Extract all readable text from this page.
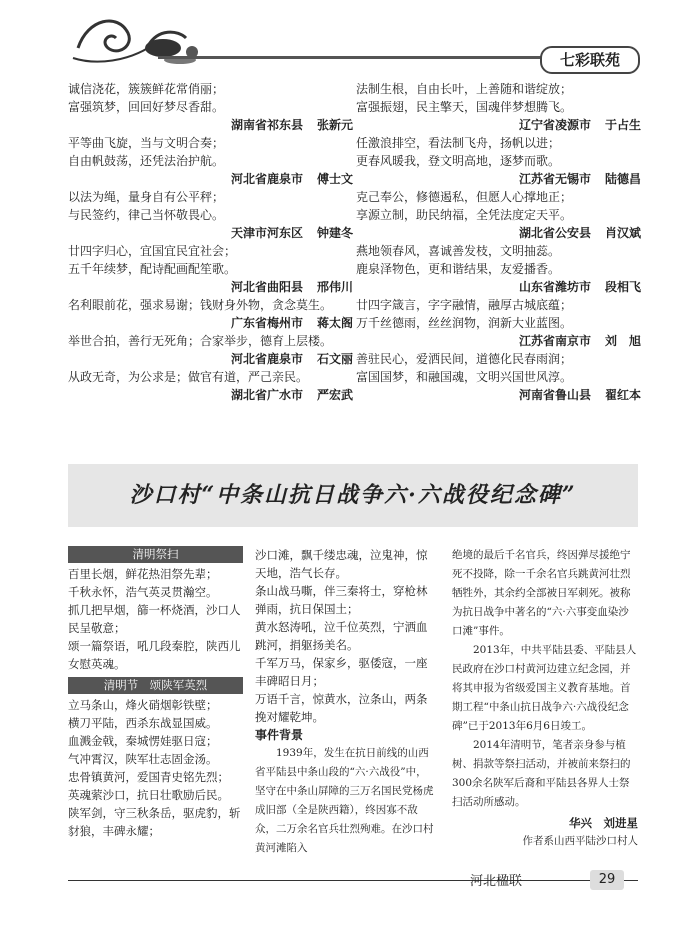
七彩联苑

诚信浇花，簇簇鲜花常俏丽；

富强筑梦，回回好梦尽香甜。

湖南省祁东县 张新元

平等曲飞旋，当与文明合奏；

自由帆鼓荡，还凭法治护航。

河北省鹿泉市 傅士文

以法为绳，量身自有公平秤；

与民签约，律己当怀敬畏心。

天津市河东区 钟建冬

廿四字归心，宜国宜民宜社会；

五千年续梦，配诗配画配笙歌。

河北省曲阳县 邢伟川

名利眼前花，强求易谢；钱财身外物，贪念莫生。

广东省梅州市 蒋太阁

举世合拍，善行无死角；合家举步，德育上层楼。

河北省鹿泉市 石文丽

从政无奇，为公求是；做官有道，严己亲民。

湖北省广水市 严宏武

法制生根，自由长叶，上善随和谐绽放；

富强振翅，民主擎天，国魂伴梦想腾飞。

辽宁省凌源市 于占生

任激浪排空，看法制飞舟，扬帆以进；

更春风暖我，登文明高地，逐梦而歌。

江苏省无锡市 陆德昌

克己奉公，修德遏私，但愿人心撑地正；

享源立制，助民纳福，全凭法度定天平。

湖北省公安县 肖汉斌

燕地领春风，喜诚善发枝，文明抽蕊。

鹿泉泽物色，更和谐结果，友爱播香。

山东省潍坊市 段相飞

廿四字箴言，字字融情，融厚古城底蕴；

万千丝德雨，丝丝润物，润新大业蓝图。

江苏省南京市 刘　旭

善驻民心，爱洒民间，道德化民春雨润；

富国国梦，和融国魂，文明兴国世风淳。

河南省鲁山县 翟红本

沙口村“中条山抗日战争六·六战役纪念碑”
清明祭扫

百里长烟，鲜花热泪祭先辈；

千秋永怀，浩气英灵贯瀚空。

抓几把早烟，篩一杯烧酒，沙口人民呈敬意；

颂一篇祭语，吼几段秦腔，陕西儿女慰英魂。

清明节　颂陕军英烈

立马条山，烽火硝烟彰铁壁；

横刀平陆，西杀东战显国威。

血溅金戟，秦城愣娃驱日寇；

气冲霄汉，陕军壮志固金汤。

忠骨镇黄河，爱国青史铭先烈；

英魂萦沙口，抗日壮歌励后民。

陕军剑，守三秋条岳，驱虎豹，斩豺狼，丰碑永耀；

沙口滩，飘千缕忠魂，泣鬼神，惊天地，浩气长存。

条山战马嘶，伴三秦将士，穿枪林弹雨，抗日保国土；

黄水怒涛吼，泣千位英烈，宁洒血跳河，捐躯扬美名。

千军万马，保家乡，驱倭寇，一座丰碑昭日月；

万语千言，惊黄水，泣条山，两条挽对耀乾坤。

事件背景

1939年，发生在抗日前线的山西省平陆县中条山段的“六·六战役”中，坚守在中条山屏障的三万名国民党杨虎成旧部（全是陕西籍），终因寡不敌众，二万余名官兵壮烈殉难。在沙口村黄河滩陷入

绝境的最后千名官兵，终因弹尽援绝宁死不投降，除一千余名官兵跳黄河壮烈牺牲外，其余约全部被日军刺死。被称为抗日战争中著名的“六·六事变血染沙口滩”事件。

2013年，中共平陆县委、平陆县人民政府在沙口村黄河边建立纪念园，并将其申报为省级爱国主义教育基地。首期工程“中条山抗日战争六·六战役纪念碑”已于2013年6月6日竣工。

2014年清明节，笔者亲身参与植树、捐款等祭扫活动，并被前来祭扫的300余名陕军后裔和平陆县各界人士祭扫活动所感动。

华兴　刘进星

作者系山西平陆沙口村人

河北楹联	29
